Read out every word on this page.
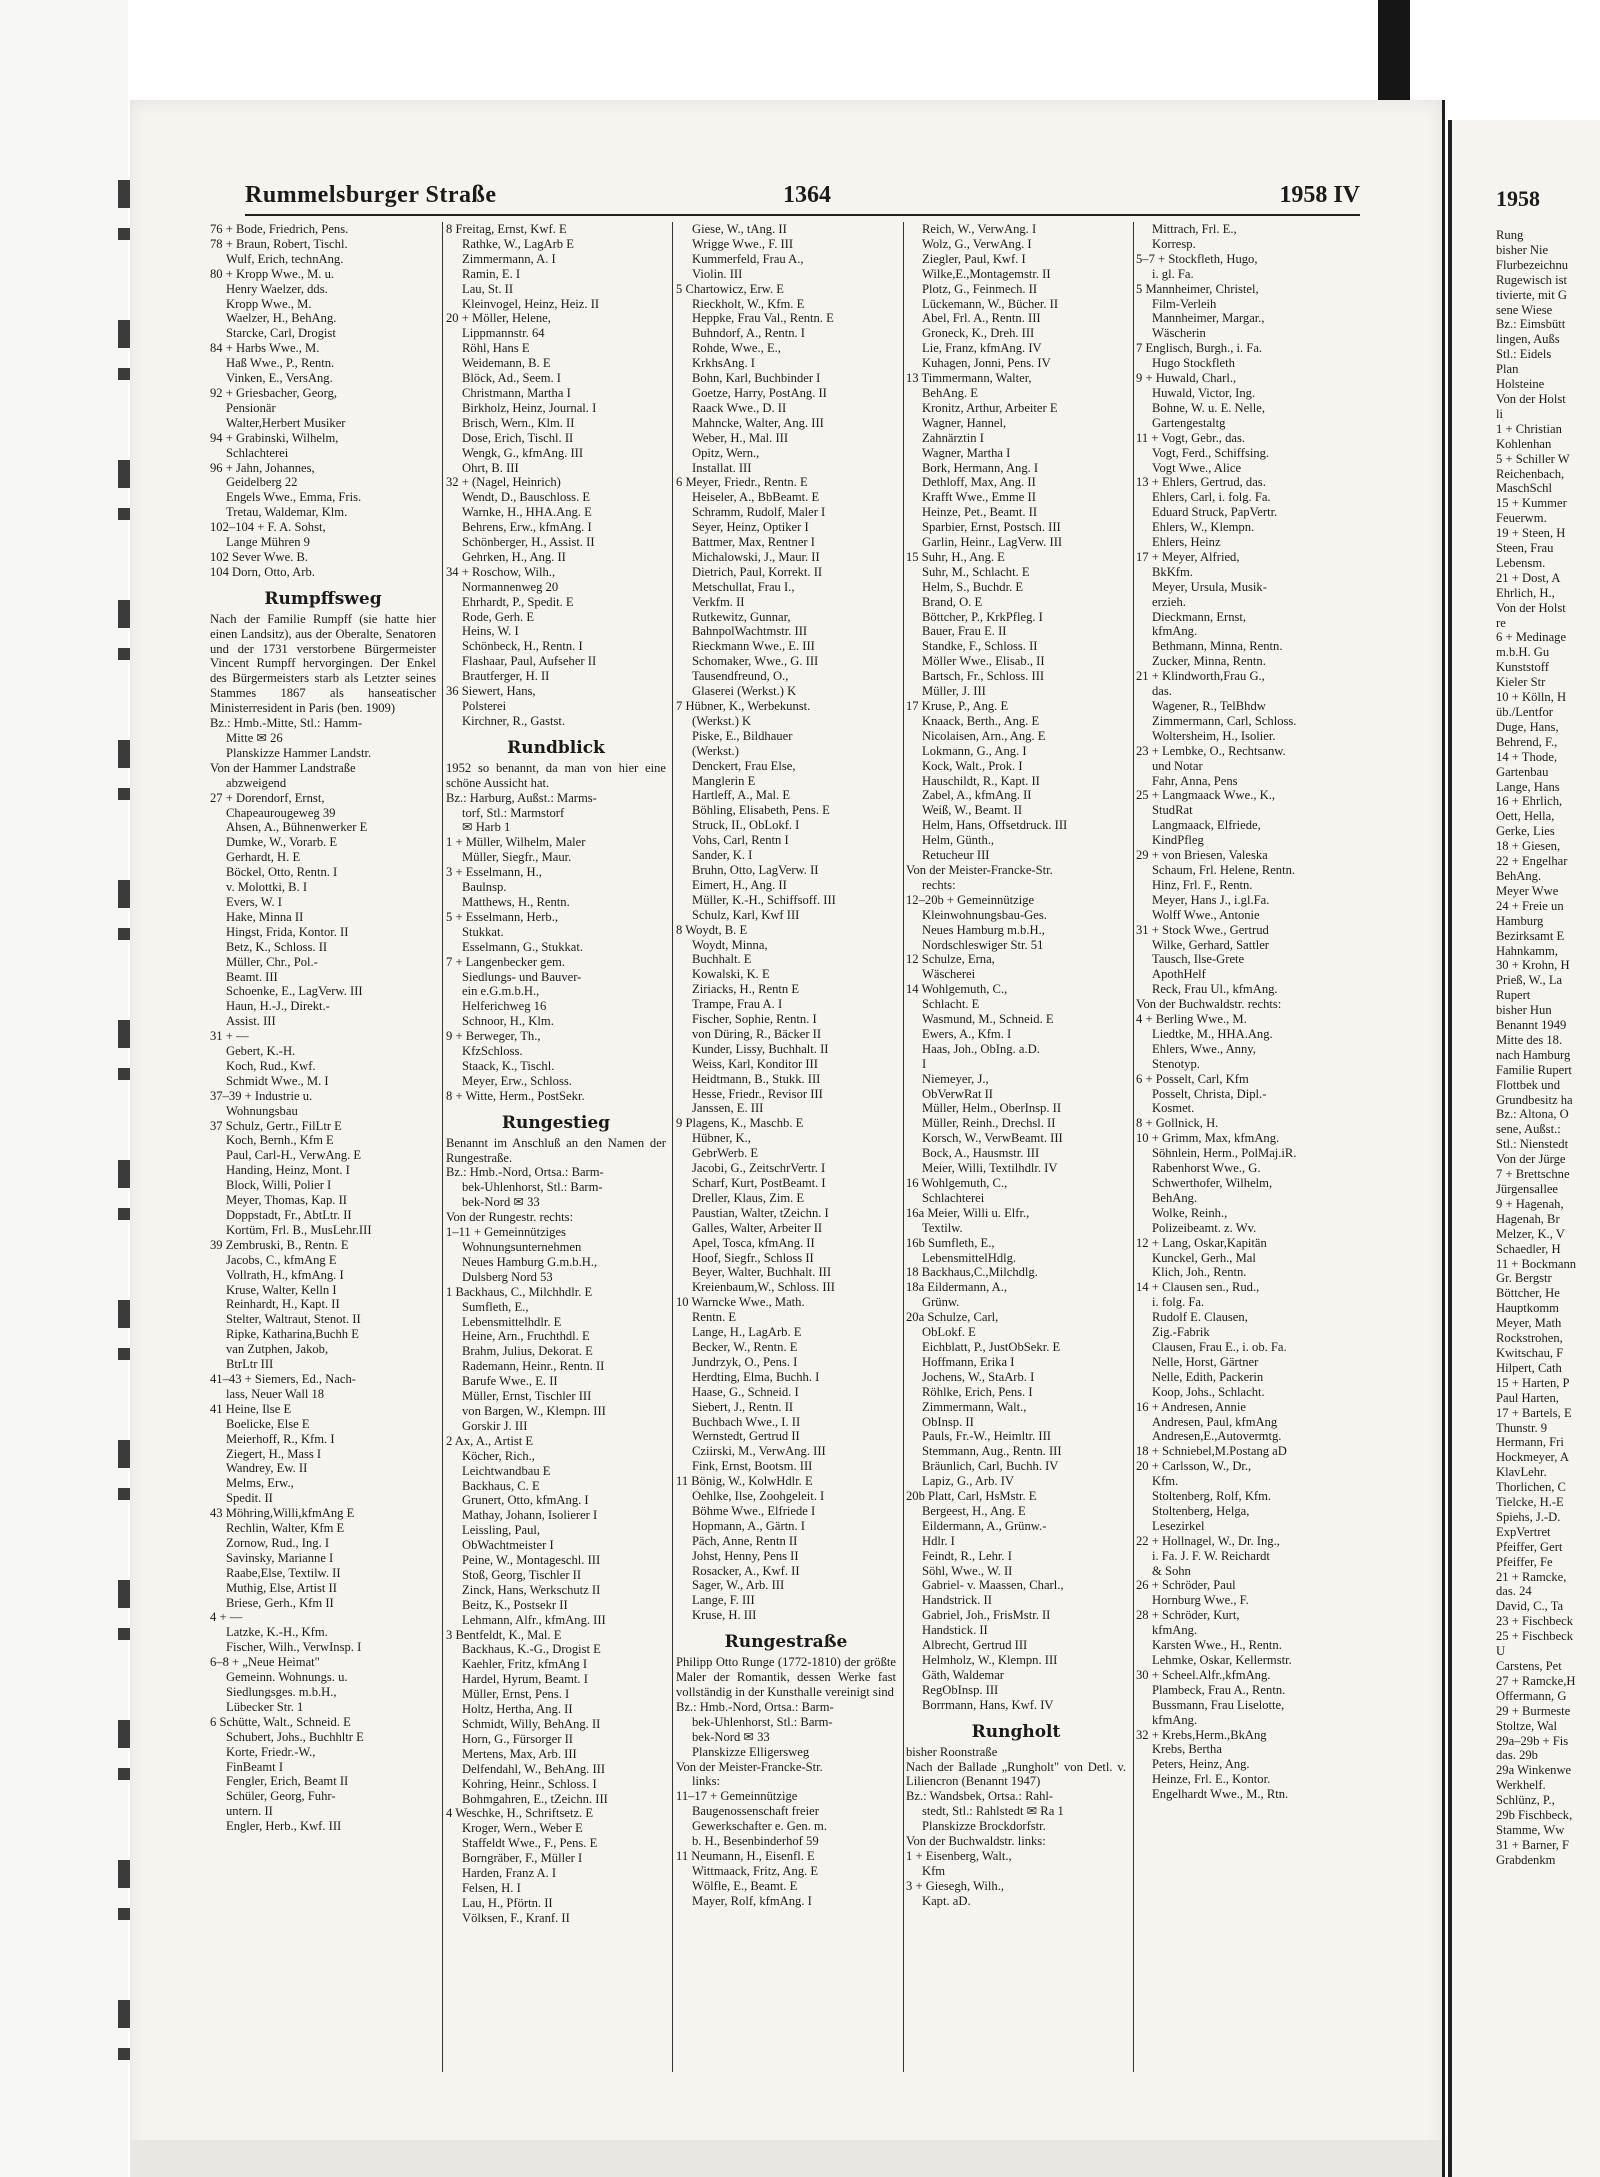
Rummelsburger Straße	1364	1958 IV
76 + Bode, Friedrich, Pens.
78 + Braun, Robert, Tischl.
Wulf, Erich, technAng.
80 + Kropp Wwe., M. u.
Henry Waelzer, dds.
Kropp Wwe., M.
Waelzer, H., BehAng.
Starcke, Carl, Drogist
84 + Harbs Wwe., M.
Haß Wwe., P., Rentn.
Vinken, E., VersAng.
92 + Griesbacher, Georg,
Pensionär
Walter,Herbert Musiker
94 + Grabinski, Wilhelm,
Schlachterei
96 + Jahn, Johannes,
Geidelberg 22
Engels Wwe., Emma, Fris.
Tretau, Waldemar, Klm.
102–104 + F. A. Sohst,
Lange Mühren 9
102 Sever Wwe. B.
104 Dorn, Otto, Arb.
Rumpffsweg
Nach der Familie Rumpff (sie hatte hier einen Landsitz), aus der Oberalte, Senatoren und der 1731 verstorbene Bürgermeister Vincent Rumpff hervorgingen. Der Enkel des Bürgermeisters starb als Letzter seines Stammes 1867 als hanseatischer Ministerresident in Paris (ben. 1909)
Bz.: Hmb.-Mitte, Stl.: Hamm-
Mitte ✉ 26
Planskizze Hammer Landstr.
Von der Hammer Landstraße
abzweigend
27 + Dorendorf, Ernst,
Chapeaurougeweg 39
Ahsen, A., Bühnenwerker E
Dumke, W., Vorarb. E
Gerhardt, H. E
Böckel, Otto, Rentn. I
v. Molottki, B. I
Evers, W. I
Hake, Minna II
Hingst, Frida, Kontor. II
Betz, K., Schloss. II
Müller, Chr., Pol.-
Beamt. III
Schoenke, E., LagVerw. III
Haun, H.-J., Direkt.-
Assist. III
31 + —
Gebert, K.-H.
Koch, Rud., Kwf.
Schmidt Wwe., M. I
37–39 + Industrie u.
Wohnungsbau
37 Schulz, Gertr., FilLtr E
Koch, Bernh., Kfm E
Paul, Carl-H., VerwAng. E
Handing, Heinz, Mont. I
Block, Willi, Polier I
Meyer, Thomas, Kap. II
Doppstadt, Fr., AbtLtr. II
Kortüm, Frl. B., MusLehr.III
39 Zembruski, B., Rentn. E
Jacobs, C., kfmAng E
Vollrath, H., kfmAng. I
Kruse, Walter, Kelln I
Reinhardt, H., Kapt. II
Stelter, Waltraut, Stenot. II
Ripke, Katharina,Buchh E
van Zutphen, Jakob,
BtrLtr III
41–43 + Siemers, Ed., Nach-
lass, Neuer Wall 18
41 Heine, Ilse E
Boelicke, Else E
Meierhoff, R., Kfm. I
Ziegert, H., Mass I
Wandrey, Ew. II
Melms, Erw.,
Spedit. II
43 Möhring,Willi,kfmAng E
Rechlin, Walter, Kfm E
Zornow, Rud., Ing. I
Savinsky, Marianne I
Raabe,Else, Textilw. II
Muthig, Else, Artist II
Briese, Gerh., Kfm II
4 + —
Latzke, K.-H., Kfm.
Fischer, Wilh., VerwInsp. I
6–8 + „Neue Heimat"
Gemeinn. Wohnungs. u.
Siedlungsges. m.b.H.,
Lübecker Str. 1
6 Schütte, Walt., Schneid. E
Schubert, Johs., Buchhltr E
Korte, Friedr.-W.,
FinBeamt I
Fengler, Erich, Beamt II
Schüler, Georg, Fuhr-
untern. II
Engler, Herb., Kwf. III
8 Freitag, Ernst, Kwf. E
Rathke, W., LagArb E
Zimmermann, A. I
Ramin, E. I
Lau, St. II
Kleinvogel, Heinz, Heiz. II
20 + Möller, Helene,
Lippmannstr. 64
Röhl, Hans E
Weidemann, B. E
Blöck, Ad., Seem. I
Christmann, Martha I
Birkholz, Heinz, Journal. I
Brisch, Wern., Klm. II
Dose, Erich, Tischl. II
Wengk, G., kfmAng. III
Ohrt, B. III
32 + (Nagel, Heinrich)
Wendt, D., Bauschloss. E
Warnke, H., HHA.Ang. E
Behrens, Erw., kfmAng. I
Schönberger, H., Assist. II
Gehrken, H., Ang. II
34 + Roschow, Wilh.,
Normannenweg 20
Ehrhardt, P., Spedit. E
Rode, Gerh. E
Heins, W. I
Schönbeck, H., Rentn. I
Flashaar, Paul, Aufseher II
Brautferger, H. II
36 Siewert, Hans,
Polsterei
Kirchner, R., Gastst.
Rundblick
1952 so benannt, da man von hier eine schöne Aussicht hat.
Bz.: Harburg, Außst.: Marms-
torf, Stl.: Marmstorf
✉ Harb 1
1 + Müller, Wilhelm, Maler
Müller, Siegfr., Maur.
3 + Esselmann, H.,
Baulnsp.
Matthews, H., Rentn.
5 + Esselmann, Herb.,
Stukkat.
Esselmann, G., Stukkat.
7 + Langenbecker gem.
Siedlungs- und Bauver-
ein e.G.m.b.H.,
Helferichweg 16
Schnoor, H., Klm.
9 + Berweger, Th.,
KfzSchloss.
Staack, K., Tischl.
Meyer, Erw., Schloss.
8 + Witte, Herm., PostSekr.
Rungestieg
Benannt im Anschluß an den Namen der Rungestraße.
Bz.: Hmb.-Nord, Ortsa.: Barm-
bek-Uhlenhorst, Stl.: Barm-
bek-Nord ✉ 33
Von der Rungestr. rechts:
1–11 + Gemeinnütziges
Wohnungsunternehmen
Neues Hamburg G.m.b.H.,
Dulsberg Nord 53
1 Backhaus, C., Milchhdlr. E
Sumfleth, E.,
Lebensmittelhdlr. E
Heine, Arn., Fruchthdl. E
Brahm, Julius, Dekorat. E
Rademann, Heinr., Rentn. II
Barufe Wwe., E. II
Müller, Ernst, Tischler III
von Bargen, W., Klempn. III
Gorskir J. III
2 Ax, A., Artist E
Köcher, Rich.,
Leichtwandbau E
Backhaus, C. E
Grunert, Otto, kfmAng. I
Mathay, Johann, Isolierer I
Leissling, Paul,
ObWachtmeister I
Peine, W., Montageschl. III
Stoß, Georg, Tischler II
Zinck, Hans, Werkschutz II
Beitz, K., Postsekr II
Lehmann, Alfr., kfmAng. III
3 Bentfeldt, K., Mal. E
Backhaus, K.-G., Drogist E
Kaehler, Fritz, kfmAng I
Hardel, Hyrum, Beamt. I
Müller, Ernst, Pens. I
Holtz, Hertha, Ang. II
Schmidt, Willy, BehAng. II
Horn, G., Fürsorger II
Mertens, Max, Arb. III
Delfendahl, W., BehAng. III
Kohring, Heinr., Schloss. I
Bohmgahren, E., tZeichn. III
4 Weschke, H., Schriftsetz. E
Kroger, Wern., Weber E
Staffeldt Wwe., F., Pens. E
Borngräber, F., Müller I
Harden, Franz A. I
Felsen, H. I
Lau, H., Pförtn. II
Völksen, F., Kranf. II
Giese, W., tAng. II
Wrigge Wwe., F. III
Kummerfeld, Frau A.,
Violin. III
5 Chartowicz, Erw. E
Rieckholt, W., Kfm. E
Heppke, Frau Val., Rentn. E
Buhndorf, A., Rentn. I
Rohde, Wwe., E.,
KrkhsAng. I
Bohn, Karl, Buchbinder I
Goetze, Harry, PostAng. II
Raack Wwe., D. II
Mahncke, Walter, Ang. III
Weber, H., Mal. III
Opitz, Wern.,
Installat. III
6 Meyer, Friedr., Rentn. E
Heiseler, A., BbBeamt. E
Schramm, Rudolf, Maler I
Seyer, Heinz, Optiker I
Battmer, Max, Rentner I
Michalowski, J., Maur. II
Dietrich, Paul, Korrekt. II
Metschullat, Frau I.,
Verkfm. II
Rutkewitz, Gunnar,
BahnpolWachtmstr. III
Rieckmann Wwe., E. III
Schomaker, Wwe., G. III
Tausendfreund, O.,
Glaserei (Werkst.) K
7 Hübner, K., Werbekunst.
(Werkst.) K
Piske, E., Bildhauer
(Werkst.)
Denckert, Frau Else,
Manglerin E
Hartleff, A., Mal. E
Böhling, Elisabeth, Pens. E
Struck, II., ObLokf. I
Vohs, Carl, Rentn I
Sander, K. I
Bruhn, Otto, LagVerw. II
Eimert, H., Ang. II
Müller, K.-H., Schiffsoff. III
Schulz, Karl, Kwf III
8 Woydt, B. E
Woydt, Minna,
Buchhalt. E
Kowalski, K. E
Ziriacks, H., Rentn E
Trampe, Frau A. I
Fischer, Sophie, Rentn. I
von Düring, R., Bäcker II
Kunder, Lissy, Buchhalt. II
Weiss, Karl, Konditor III
Heidtmann, B., Stukk. III
Hesse, Friedr., Revisor III
Janssen, E. III
9 Plagens, K., Maschb. E
Hübner, K.,
GebrWerb. E
Jacobi, G., ZeitschrVertr. I
Scharf, Kurt, PostBeamt. I
Dreller, Klaus, Zim. E
Paustian, Walter, tZeichn. I
Galles, Walter, Arbeiter II
Apel, Tosca, kfmAng. II
Hoof, Siegfr., Schloss II
Beyer, Walter, Buchhalt. III
Kreienbaum,W., Schloss. III
10 Warncke Wwe., Math.
Rentn. E
Lange, H., LagArb. E
Becker, W., Rentn. E
Jundrzyk, O., Pens. I
Herdting, Elma, Buchh. I
Haase, G., Schneid. I
Siebert, J., Rentn. II
Buchbach Wwe., I. II
Wernstedt, Gertrud II
Cziirski, M., VerwAng. III
Fink, Ernst, Bootsm. III
11 Bönig, W., KolwHdlr. E
Oehlke, Ilse, Zoohgeleit. I
Böhme Wwe., Elfriede I
Hopmann, A., Gärtn. I
Päch, Anne, Rentn II
Johst, Henny, Pens II
Rosacker, A., Kwf. II
Sager, W., Arb. III
Lange, F. III
Kruse, H. III
Rungestraße
Philipp Otto Runge (1772-1810) der größte Maler der Romantik, dessen Werke fast vollständig in der Kunsthalle vereinigt sind
Bz.: Hmb.-Nord, Ortsa.: Barm-
bek-Uhlenhorst, Stl.: Barm-
bek-Nord ✉ 33
Planskizze Elligersweg
Von der Meister-Francke-Str.
links:
11–17 + Gemeinnützige
Baugenossenschaft freier
Gewerkschafter e. Gen. m.
b. H., Besenbinderhof 59
11 Neumann, H., Eisenfl. E
Wittmaack, Fritz, Ang. E
Wölfle, E., Beamt. E
Mayer, Rolf, kfmAng. I
Reich, W., VerwAng. I
Wolz, G., VerwAng. I
Ziegler, Paul, Kwf. I
Wilke,E.,Montagemstr. II
Plotz, G., Feinmech. II
Lückemann, W., Bücher. II
Abel, Frl. A., Rentn. III
Groneck, K., Dreh. III
Lie, Franz, kfmAng. IV
Kuhagen, Jonni, Pens. IV
13 Timmermann, Walter,
BehAng. E
Kronitz, Arthur, Arbeiter E
Wagner, Hannel,
Zahnärztin I
Wagner, Martha I
Bork, Hermann, Ang. I
Dethloff, Max, Ang. II
Krafft Wwe., Emme II
Heinze, Pet., Beamt. II
Sparbier, Ernst, Postsch. III
Garlin, Heinr., LagVerw. III
15 Suhr, H., Ang. E
Suhr, M., Schlacht. E
Helm, S., Buchdr. E
Brand, O. E
Böttcher, P., KrkPfleg. I
Bauer, Frau E. II
Standke, F., Schloss. II
Möller Wwe., Elisab., II
Bartsch, Fr., Schloss. III
Müller, J. III
17 Kruse, P., Ang. E
Knaack, Berth., Ang. E
Nicolaisen, Arn., Ang. E
Lokmann, G., Ang. I
Kock, Walt., Prok. I
Hauschildt, R., Kapt. II
Zabel, A., kfmAng. II
Weiß, W., Beamt. II
Helm, Hans, Offsetdruck. III
Helm, Günth.,
Retucheur III
Von der Meister-Francke-Str.
rechts:
12–20b + Gemeinnützige
Kleinwohnungsbau-Ges.
Neues Hamburg m.b.H.,
Nordschleswiger Str. 51
12 Schulze, Erna,
Wäscherei
14 Wohlgemuth, C.,
Schlacht. E
Wasmund, M., Schneid. E
Ewers, A., Kfm. I
Haas, Joh., ObIng. a.D.
I
Niemeyer, J.,
ObVerwRat II
Müller, Helm., OberInsp. II
Müller, Reinh., Drechsl. II
Korsch, W., VerwBeamt. III
Bock, A., Hausmstr. III
Meier, Willi, Textilhdlr. IV
16 Wohlgemuth, C.,
Schlachterei
16a Meier, Willi u. Elfr.,
Textilw.
16b Sumfleth, E.,
LebensmittelHdlg.
18 Backhaus,C.,Milchdlg.
18a Eildermann, A.,
Grünw.
20a Schulze, Carl,
ObLokf. E
Eichblatt, P., JustObSekr. E
Hoffmann, Erika I
Jochens, W., StaArb. I
Röhlke, Erich, Pens. I
Zimmermann, Walt.,
ObInsp. II
Pauls, Fr.-W., Heimltr. III
Stemmann, Aug., Rentn. III
Bräunlich, Carl, Buchh. IV
Lapiz, G., Arb. IV
20b Platt, Carl, HsMstr. E
Bergeest, H., Ang. E
Eildermann, A., Grünw.-
Hdlr. I
Feindt, R., Lehr. I
Söhl, Wwe., W. II
Gabriel- v. Maassen, Charl.,
Handstrick. II
Gabriel, Joh., FrisMstr. II
Handstick. II
Albrecht, Gertrud III
Helmholz, W., Klempn. III
Gäth, Waldemar
RegObInsp. III
Borrmann, Hans, Kwf. IV
Rungholt
bisher Roonstraße
Nach der Ballade „Rungholt" von Detl. v. Liliencron (Benannt 1947)
Bz.: Wandsbek, Ortsa.: Rahl-
stedt, Stl.: Rahlstedt ✉ Ra 1
Planskizze Brockdorfstr.
Von der Buchwaldstr. links:
1 + Eisenberg, Walt.,
Kfm
3 + Giesegh, Wilh.,
Kapt. aD.
Mittrach, Frl. E.,
Korresp.
5–7 + Stockfleth, Hugo,
i. gl. Fa.
5 Mannheimer, Christel,
Film-Verleih
Mannheimer, Margar.,
Wäscherin
7 Englisch, Burgh., i. Fa.
Hugo Stockfleth
9 + Huwald, Charl.,
Huwald, Victor, Ing.
Bohne, W. u. E. Nelle,
Gartengestaltg
11 + Vogt, Gebr., das.
Vogt, Ferd., Schiffsing.
Vogt Wwe., Alice
13 + Ehlers, Gertrud, das.
Ehlers, Carl, i. folg. Fa.
Eduard Struck, PapVertr.
Ehlers, W., Klempn.
Ehlers, Heinz
17 + Meyer, Alfried,
BkKfm.
Meyer, Ursula, Musik-
erzieh.
Dieckmann, Ernst,
kfmAng.
Bethmann, Minna, Rentn.
Zucker, Minna, Rentn.
21 + Klindworth,Frau G.,
das.
Wagener, R., TelBhdw
Zimmermann, Carl, Schloss.
Woltersheim, H., Isolier.
23 + Lembke, O., Rechtsanw.
und Notar
Fahr, Anna, Pens
25 + Langmaack Wwe., K.,
StudRat
Langmaack, Elfriede,
KindPfleg
29 + von Briesen, Valeska
Schaum, Frl. Helene, Rentn.
Hinz, Frl. F., Rentn.
Meyer, Hans J., i.gl.Fa.
Wolff Wwe., Antonie
31 + Stock Wwe., Gertrud
Wilke, Gerhard, Sattler
Tausch, Ilse-Grete
ApothHelf
Reck, Frau Ul., kfmAng.
Von der Buchwaldstr. rechts:
4 + Berling Wwe., M.
Liedtke, M., HHA.Ang.
Ehlers, Wwe., Anny,
Stenotyp.
6 + Posselt, Carl, Kfm
Posselt, Christa, Dipl.-
Kosmet.
8 + Gollnick, H.
10 + Grimm, Max, kfmAng.
Söhnlein, Herm., PolMaj.iR.
Rabenhorst Wwe., G.
Schwerthofer, Wilhelm,
BehAng.
Wolke, Reinh.,
Polizeibeamt. z. Wv.
12 + Lang, Oskar,Kapitän
Kunckel, Gerh., Mal
Klich, Joh., Rentn.
14 + Clausen sen., Rud.,
i. folg. Fa.
Rudolf E. Clausen,
Zig.-Fabrik
Clausen, Frau E., i. ob. Fa.
Nelle, Horst, Gärtner
Nelle, Edith, Packerin
Koop, Johs., Schlacht.
16 + Andresen, Annie
Andresen, Paul, kfmAng
Andresen,E.,Autovermtg.
18 + Schniebel,M.Postang aD
20 + Carlsson, W., Dr.,
Kfm.
Stoltenberg, Rolf, Kfm.
Stoltenberg, Helga,
Lesezirkel
22 + Hollnagel, W., Dr. Ing.,
i. Fa. J. F. W. Reichardt
& Sohn
26 + Schröder, Paul
Hornburg Wwe., F.
28 + Schröder, Kurt,
kfmAng.
Karsten Wwe., H., Rentn.
Lehmke, Oskar, Kellermstr.
30 + Scheel.Alfr.,kfmAng.
Plambeck, Frau A., Rentn.
Bussmann, Frau Liselotte,
kfmAng.
32 + Krebs,Herm.,BkAng
Krebs, Bertha
Peters, Heinz, Ang.
Heinze, Frl. E., Kontor.
Engelhardt Wwe., M., Rtn.
1958
Rung
bisher Nie
Flurbezeichnu
Rugewisch ist
tivierte, mit G
sene Wiese
Bz.: Eimsbütt
lingen, Außs
Stl.: Eidels
Plan
Holsteine
Von der Holst
li
1 + Christian
Kohlenhan
5 + Schiller W
Reichenbach,
MaschSchl
15 + Kummer
Feuerwm.
19 + Steen, H
Steen, Frau
Lebensm.
21 + Dost, A
Ehrlich, H.,
Von der Holst
re
6 + Medinage
m.b.H. Gu
Kunststoff
Kieler Str
10 + Kölln, H
üb./Lentfor
Duge, Hans,
Behrend, F.,
14 + Thode,
Gartenbau
Lange, Hans
16 + Ehrlich,
Oett, Hella,
Gerke, Lies
18 + Giesen,
22 + Engelhar
BehAng.
Meyer Wwe
24 + Freie un
Hamburg
Bezirksamt E
Hahnkamm,
30 + Krohn, H
Prieß, W., La
Rupert
bisher Hun
Benannt 1949
Mitte des 18.
nach Hamburg
Familie Rupert
Flottbek und
Grundbesitz ha
Bz.: Altona, O
sene, Außst.:
Stl.: Nienstedt
Von der Jürge
7 + Brettschne
Jürgensallee
9 + Hagenah,
Hagenah, Br
Melzer, K., V
Schaedler, H
11 + Bockmann
Gr. Bergstr
Böttcher, He
Hauptkomm
Meyer, Math
Rockstrohen,
Kwitschau, F
Hilpert, Cath
15 + Harten, P
Paul Harten,
17 + Bartels, E
Thunstr. 9
Hermann, Fri
Hockmeyer, A
KlavLehr.
Thorlichen, C
Tielcke, H.-E
Spiehs, J.-D.
ExpVertret
Pfeiffer, Gert
Pfeiffer, Fe
21 + Ramcke,
das. 24
David, C., Ta
23 + Fischbeck
25 + Fischbeck
U
Carstens, Pet
27 + Ramcke,H
Offermann, G
29 + Burmeste
Stoltze, Wal
29a–29b + Fis
das. 29b
29a Winkenwe
Werkhelf.
Schlünz, P.,
29b Fischbeck,
Stamme, Ww
31 + Barner, F
Grabdenkm
